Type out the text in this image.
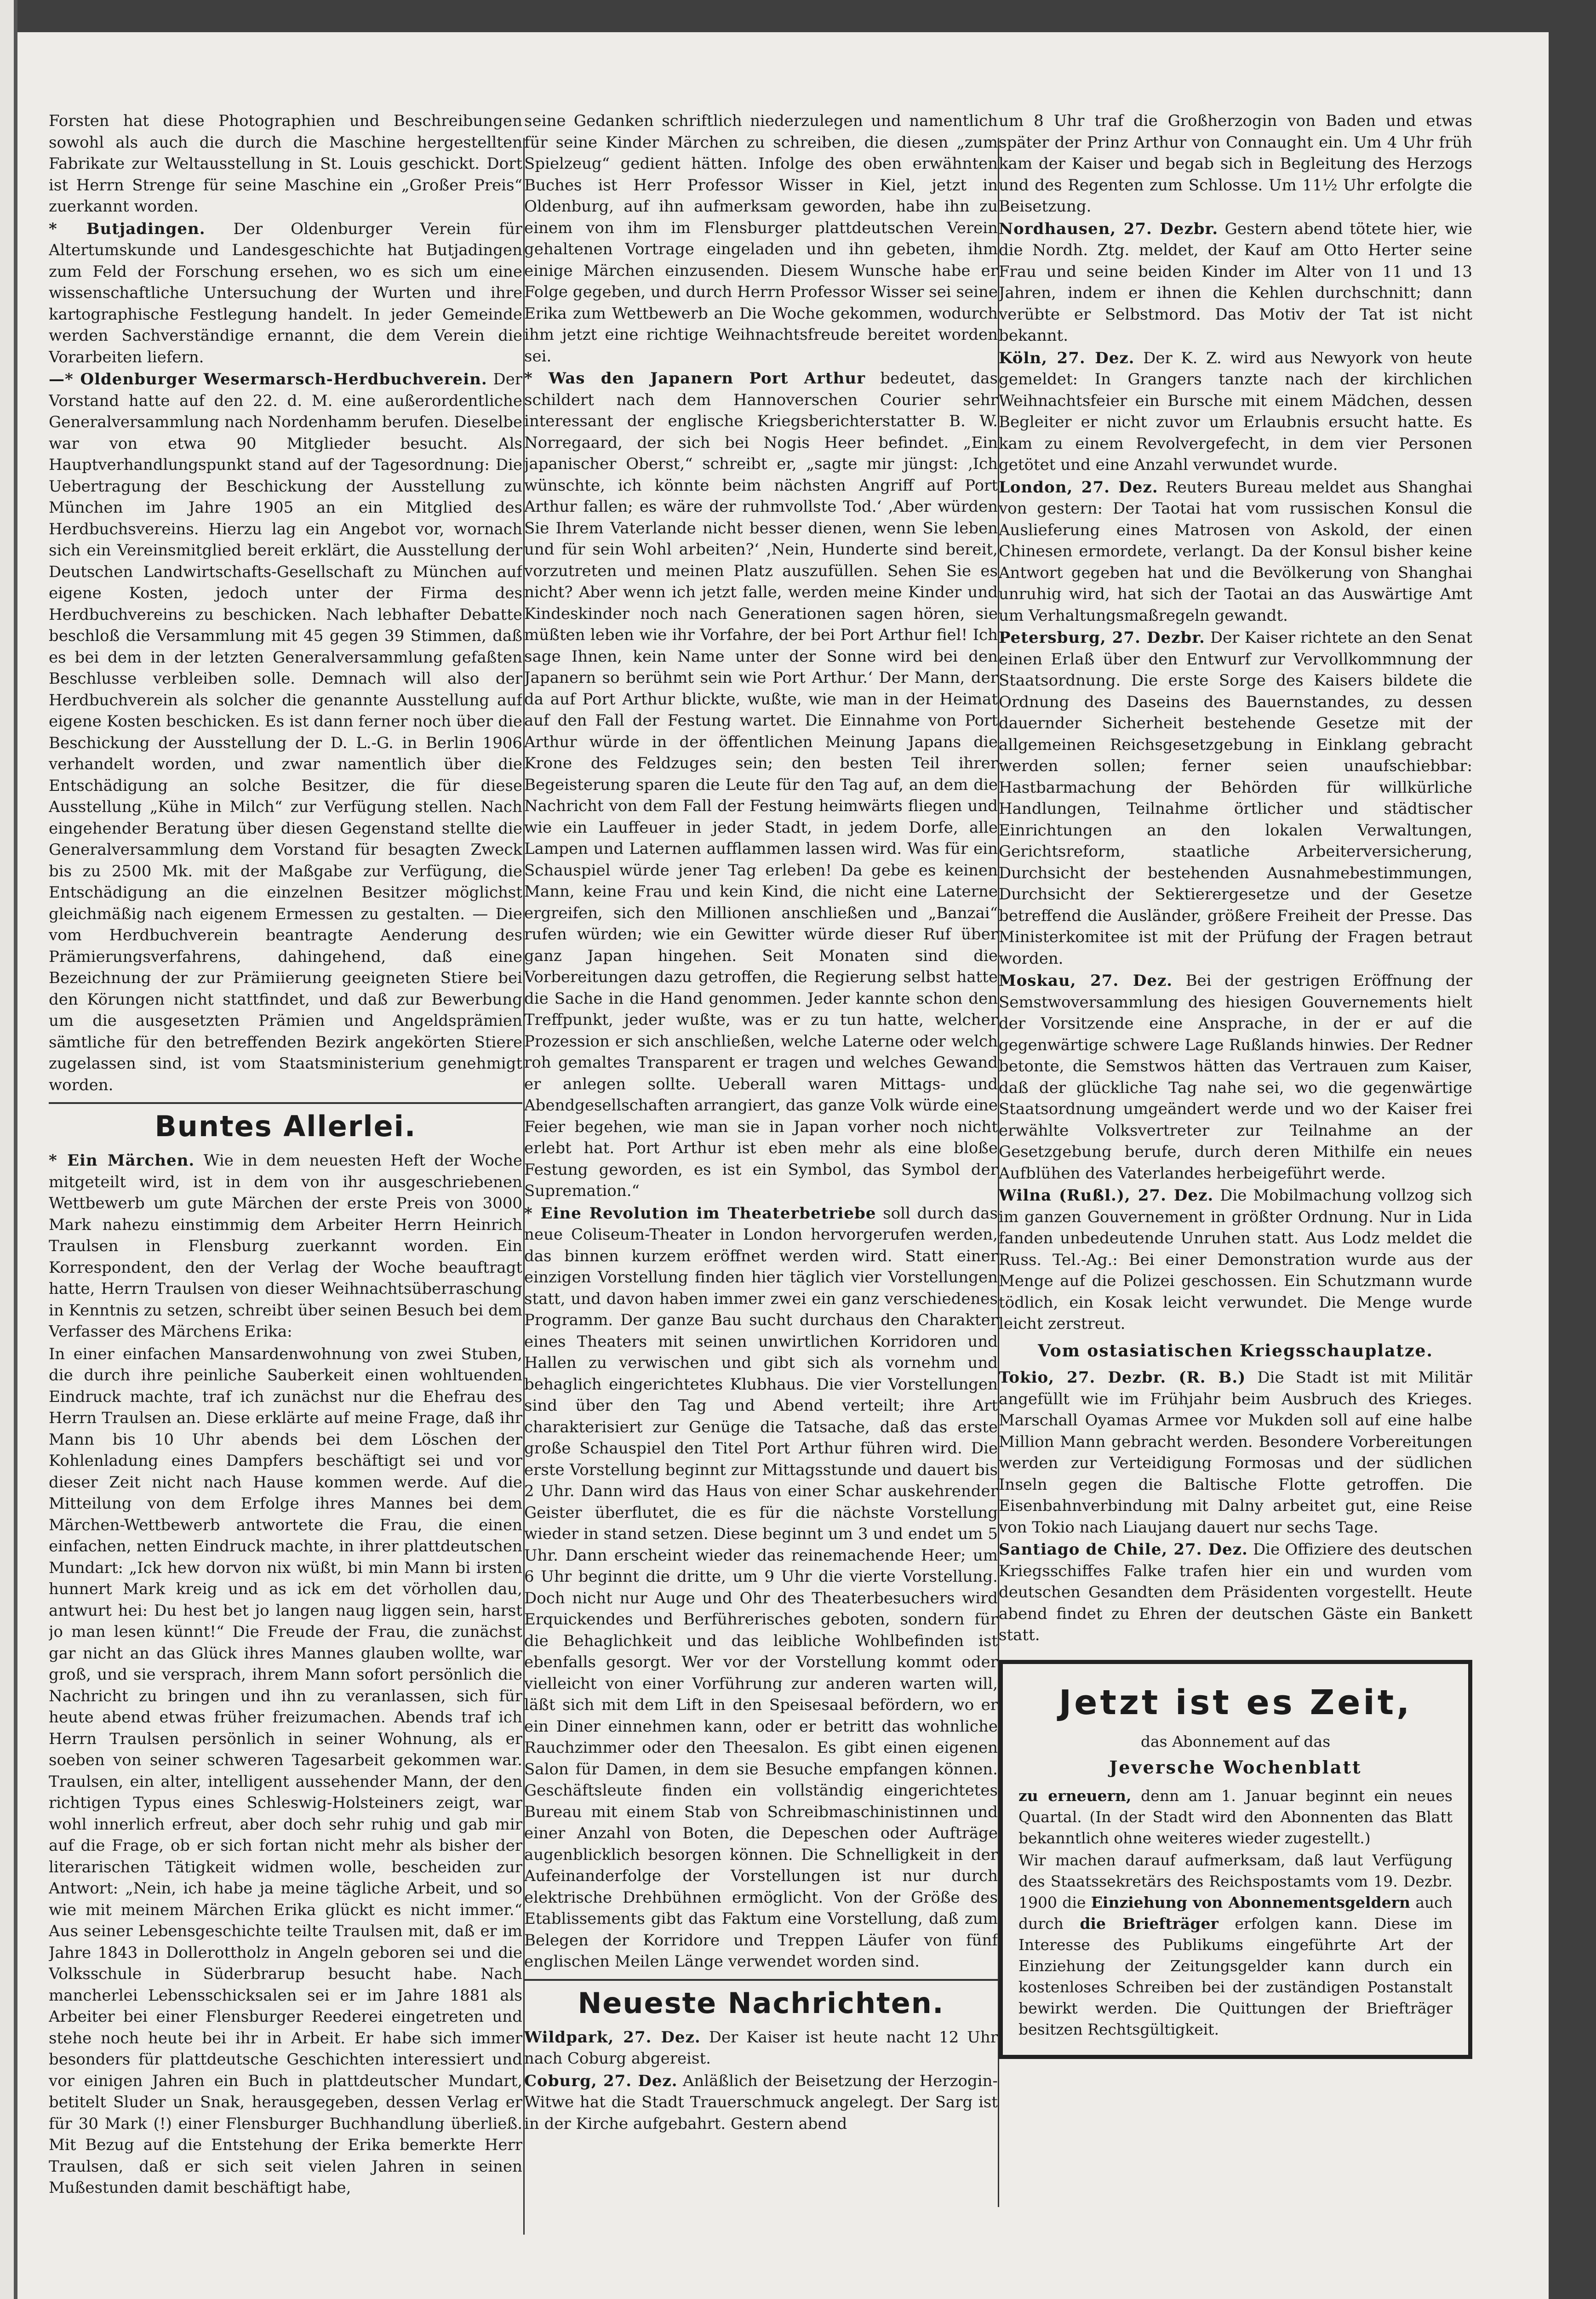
Forsten hat diese Photographien und Beschreibungen sowohl als auch die durch die Maschine hergestellten Fabrikate zur Weltausstellung in St. Louis geschickt. Dort ist Herrn Strenge für seine Maschine ein „Großer Preis“ zuerkannt worden.

* Butjadingen. Der Oldenburger Verein für Altertumskunde und Landesgeschichte hat Butjadingen zum Feld der Forschung ersehen, wo es sich um eine wissenschaftliche Untersuchung der Wurten und ihre kartographische Festlegung handelt. In jeder Gemeinde werden Sachverständige ernannt, die dem Verein die Vorarbeiten liefern.

—* Oldenburger Wesermarsch-Herdbuchverein. Der Vorstand hatte auf den 22. d. M. eine außerordentliche Generalversammlung nach Nordenhamm berufen. Dieselbe war von etwa 90 Mitglieder besucht. Als Hauptverhandlungspunkt stand auf der Tagesordnung: Die Uebertragung der Beschickung der Ausstellung zu München im Jahre 1905 an ein Mitglied des Herdbuchsvereins. Hierzu lag ein Angebot vor, wornach sich ein Vereinsmitglied bereit erklärt, die Ausstellung der Deutschen Landwirtschafts-Gesellschaft zu München auf eigene Kosten, jedoch unter der Firma des Herdbuchvereins zu beschicken. Nach lebhafter Debatte beschloß die Versammlung mit 45 gegen 39 Stimmen, daß es bei dem in der letzten Generalversammlung gefaßten Beschlusse verbleiben solle. Demnach will also der Herdbuchverein als solcher die genannte Ausstellung auf eigene Kosten beschicken. Es ist dann ferner noch über die Beschickung der Ausstellung der D. L.-G. in Berlin 1906 verhandelt worden, und zwar namentlich über die Entschädigung an solche Besitzer, die für diese Ausstellung „Kühe in Milch“ zur Verfügung stellen. Nach eingehender Beratung über diesen Gegenstand stellte die Generalversammlung dem Vorstand für besagten Zweck bis zu 2500 Mk. mit der Maßgabe zur Verfügung, die Entschädigung an die einzelnen Besitzer möglichst gleichmäßig nach eigenem Ermessen zu gestalten. — Die vom Herdbuchverein beantragte Aenderung des Prämierungsverfahrens, dahingehend, daß eine Bezeichnung der zur Prämiierung geeigneten Stiere bei den Körungen nicht stattfindet, und daß zur Bewerbung um die ausgesetzten Prämien und Angeldsprämien sämtliche für den betreffenden Bezirk angekörten Stiere zugelassen sind, ist vom Staatsministerium genehmigt worden.

Buntes Allerlei.

* Ein Märchen. Wie in dem neuesten Heft der Woche mitgeteilt wird, ist in dem von ihr ausgeschriebenen Wettbewerb um gute Märchen der erste Preis von 3000 Mark nahezu einstimmig dem Arbeiter Herrn Heinrich Traulsen in Flensburg zuerkannt worden. Ein Korrespondent, den der Verlag der Woche beauftragt hatte, Herrn Traulsen von dieser Weihnachtsüberraschung in Kenntnis zu setzen, schreibt über seinen Besuch bei dem Verfasser des Märchens Erika:

In einer einfachen Mansardenwohnung von zwei Stuben, die durch ihre peinliche Sauberkeit einen wohltuenden Eindruck machte, traf ich zunächst nur die Ehefrau des Herrn Traulsen an. Diese erklärte auf meine Frage, daß ihr Mann bis 10 Uhr abends bei dem Löschen der Kohlenladung eines Dampfers beschäftigt sei und vor dieser Zeit nicht nach Hause kommen werde. Auf die Mitteilung von dem Erfolge ihres Mannes bei dem Märchen-Wettbewerb antwortete die Frau, die einen einfachen, netten Eindruck machte, in ihrer plattdeutschen Mundart: „Ick hew dorvon nix wüßt, bi min Mann bi irsten hunnert Mark kreig und as ick em det vörhollen dau, antwurt hei: Du hest bet jo langen naug liggen sein, harst jo man lesen künnt!“ Die Freude der Frau, die zunächst gar nicht an das Glück ihres Mannes glauben wollte, war groß, und sie versprach, ihrem Mann sofort persönlich die Nachricht zu bringen und ihn zu veranlassen, sich für heute abend etwas früher freizumachen. Abends traf ich Herrn Traulsen persönlich in seiner Wohnung, als er soeben von seiner schweren Tagesarbeit gekommen war. Traulsen, ein alter, intelligent aussehender Mann, der den richtigen Typus eines Schleswig-Holsteiners zeigt, war wohl innerlich erfreut, aber doch sehr ruhig und gab mir auf die Frage, ob er sich fortan nicht mehr als bisher der literarischen Tätigkeit widmen wolle, bescheiden zur Antwort: „Nein, ich habe ja meine tägliche Arbeit, und so wie mit meinem Märchen Erika glückt es nicht immer.“ Aus seiner Lebensgeschichte teilte Traulsen mit, daß er im Jahre 1843 in Dollerottholz in Angeln geboren sei und die Volksschule in Süderbrarup besucht habe. Nach mancherlei Lebensschicksalen sei er im Jahre 1881 als Arbeiter bei einer Flensburger Reederei eingetreten und stehe noch heute bei ihr in Arbeit. Er habe sich immer besonders für plattdeutsche Geschichten interessiert und vor einigen Jahren ein Buch in plattdeutscher Mundart, betitelt Sluder un Snak, herausgegeben, dessen Verlag er für 30 Mark (!) einer Flensburger Buchhandlung überließ. Mit Bezug auf die Entstehung der Erika bemerkte Herr Traulsen, daß er sich seit vielen Jahren in seinen Mußestunden damit beschäftigt habe,

seine Gedanken schriftlich niederzulegen und namentlich für seine Kinder Märchen zu schreiben, die diesen „zum Spielzeug“ gedient hätten. Infolge des oben erwähnten Buches ist Herr Professor Wisser in Kiel, jetzt in Oldenburg, auf ihn aufmerksam geworden, habe ihn zu einem von ihm im Flensburger plattdeutschen Verein gehaltenen Vortrage eingeladen und ihn gebeten, ihm einige Märchen einzusenden. Diesem Wunsche habe er Folge gegeben, und durch Herrn Professor Wisser sei seine Erika zum Wettbewerb an Die Woche gekommen, wodurch ihm jetzt eine richtige Weihnachtsfreude bereitet worden sei.

* Was den Japanern Port Arthur bedeutet, das schildert nach dem Hannoverschen Courier sehr interessant der englische Kriegsberichterstatter B. W. Norregaard, der sich bei Nogis Heer befindet. „Ein japanischer Oberst,“ schreibt er, „sagte mir jüngst: ‚Ich wünschte, ich könnte beim nächsten Angriff auf Port Arthur fallen; es wäre der ruhmvollste Tod.‘ ‚Aber würden Sie Ihrem Vaterlande nicht besser dienen, wenn Sie leben und für sein Wohl arbeiten?‘ ‚Nein, Hunderte sind bereit, vorzutreten und meinen Platz auszufüllen. Sehen Sie es nicht? Aber wenn ich jetzt falle, werden meine Kinder und Kindeskinder noch nach Generationen sagen hören, sie müßten leben wie ihr Vorfahre, der bei Port Arthur fiel! Ich sage Ihnen, kein Name unter der Sonne wird bei den Japanern so berühmt sein wie Port Arthur.‘ Der Mann, der da auf Port Arthur blickte, wußte, wie man in der Heimat auf den Fall der Festung wartet. Die Einnahme von Port Arthur würde in der öffentlichen Meinung Japans die Krone des Feldzuges sein; den besten Teil ihrer Begeisterung sparen die Leute für den Tag auf, an dem die Nachricht von dem Fall der Festung heimwärts fliegen und wie ein Lauffeuer in jeder Stadt, in jedem Dorfe, alle Lampen und Laternen aufflammen lassen wird. Was für ein Schauspiel würde jener Tag erleben! Da gebe es keinen Mann, keine Frau und kein Kind, die nicht eine Laterne ergreifen, sich den Millionen anschließen und „Banzai“ rufen würden; wie ein Gewitter würde dieser Ruf über ganz Japan hingehen. Seit Monaten sind die Vorbereitungen dazu getroffen, die Regierung selbst hatte die Sache in die Hand genommen. Jeder kannte schon den Treffpunkt, jeder wußte, was er zu tun hatte, welcher Prozession er sich anschließen, welche Laterne oder welch roh gemaltes Transparent er tragen und welches Gewand er anlegen sollte. Ueberall waren Mittags- und Abendgesellschaften arrangiert, das ganze Volk würde eine Feier begehen, wie man sie in Japan vorher noch nicht erlebt hat. Port Arthur ist eben mehr als eine bloße Festung geworden, es ist ein Symbol, das Symbol der Supremation.“

* Eine Revolution im Theaterbetriebe soll durch das neue Coliseum-Theater in London hervorgerufen werden, das binnen kurzem eröffnet werden wird. Statt einer einzigen Vorstellung finden hier täglich vier Vorstellungen statt, und davon haben immer zwei ein ganz verschiedenes Programm. Der ganze Bau sucht durchaus den Charakter eines Theaters mit seinen unwirtlichen Korridoren und Hallen zu verwischen und gibt sich als vornehm und behaglich eingerichtetes Klubhaus. Die vier Vorstellungen sind über den Tag und Abend verteilt; ihre Art charakterisiert zur Genüge die Tatsache, daß das erste große Schauspiel den Titel Port Arthur führen wird. Die erste Vorstellung beginnt zur Mittagsstunde und dauert bis 2 Uhr. Dann wird das Haus von einer Schar auskehrender Geister überflutet, die es für die nächste Vorstellung wieder in stand setzen. Diese beginnt um 3 und endet um 5 Uhr. Dann erscheint wieder das reinemachende Heer; um 6 Uhr beginnt die dritte, um 9 Uhr die vierte Vorstellung. Doch nicht nur Auge und Ohr des Theaterbesuchers wird Erquickendes und Berführerisches geboten, sondern für die Behaglichkeit und das leibliche Wohlbefinden ist ebenfalls gesorgt. Wer vor der Vorstellung kommt oder vielleicht von einer Vorführung zur anderen warten will, läßt sich mit dem Lift in den Speisesaal befördern, wo er ein Diner einnehmen kann, oder er betritt das wohnliche Rauchzimmer oder den Theesalon. Es gibt einen eigenen Salon für Damen, in dem sie Besuche empfangen können. Geschäftsleute finden ein vollständig eingerichtetes Bureau mit einem Stab von Schreibmaschinistinnen und einer Anzahl von Boten, die Depeschen oder Aufträge augenblicklich besorgen können. Die Schnelligkeit in der Aufeinanderfolge der Vorstellungen ist nur durch elektrische Drehbühnen ermöglicht. Von der Größe des Etablissements gibt das Faktum eine Vorstellung, daß zum Belegen der Korridore und Treppen Läufer von fünf englischen Meilen Länge verwendet worden sind.

Neueste Nachrichten.

Wildpark, 27. Dez. Der Kaiser ist heute nacht 12 Uhr nach Coburg abgereist.

Coburg, 27. Dez. Anläßlich der Beisetzung der Herzogin-Witwe hat die Stadt Trauerschmuck angelegt. Der Sarg ist in der Kirche aufgebahrt. Gestern abend

um 8 Uhr traf die Großherzogin von Baden und etwas später der Prinz Arthur von Connaught ein. Um 4 Uhr früh kam der Kaiser und begab sich in Begleitung des Herzogs und des Regenten zum Schlosse. Um 11½ Uhr erfolgte die Beisetzung.

Nordhausen, 27. Dezbr. Gestern abend tötete hier, wie die Nordh. Ztg. meldet, der Kauf am Otto Herter seine Frau und seine beiden Kinder im Alter von 11 und 13 Jahren, indem er ihnen die Kehlen durchschnitt; dann verübte er Selbstmord. Das Motiv der Tat ist nicht bekannt.

Köln, 27. Dez. Der K. Z. wird aus Newyork von heute gemeldet: In Grangers tanzte nach der kirchlichen Weihnachtsfeier ein Bursche mit einem Mädchen, dessen Begleiter er nicht zuvor um Erlaubnis ersucht hatte. Es kam zu einem Revolvergefecht, in dem vier Personen getötet und eine Anzahl verwundet wurde.

London, 27. Dez. Reuters Bureau meldet aus Shanghai von gestern: Der Taotai hat vom russischen Konsul die Auslieferung eines Matrosen von Askold, der einen Chinesen ermordete, verlangt. Da der Konsul bisher keine Antwort gegeben hat und die Bevölkerung von Shanghai unruhig wird, hat sich der Taotai an das Auswärtige Amt um Verhaltungsmaßregeln gewandt.

Petersburg, 27. Dezbr. Der Kaiser richtete an den Senat einen Erlaß über den Entwurf zur Vervollkommnung der Staatsordnung. Die erste Sorge des Kaisers bildete die Ordnung des Daseins des Bauernstandes, zu dessen dauernder Sicherheit bestehende Gesetze mit der allgemeinen Reichsgesetzgebung in Einklang gebracht werden sollen; ferner seien unaufschiebbar: Hastbarmachung der Behörden für willkürliche Handlungen, Teilnahme örtlicher und städtischer Einrichtungen an den lokalen Verwaltungen, Gerichtsreform, staatliche Arbeiterversicherung, Durchsicht der bestehenden Ausnahmebestimmungen, Durchsicht der Sektierergesetze und der Gesetze betreffend die Ausländer, größere Freiheit der Presse. Das Ministerkomitee ist mit der Prüfung der Fragen betraut worden.

Moskau, 27. Dez. Bei der gestrigen Eröffnung der Semstwoversammlung des hiesigen Gouvernements hielt der Vorsitzende eine Ansprache, in der er auf die gegenwärtige schwere Lage Rußlands hinwies. Der Redner betonte, die Semstwos hätten das Vertrauen zum Kaiser, daß der glückliche Tag nahe sei, wo die gegenwärtige Staatsordnung umgeändert werde und wo der Kaiser frei erwählte Volksvertreter zur Teilnahme an der Gesetzgebung berufe, durch deren Mithilfe ein neues Aufblühen des Vaterlandes herbeigeführt werde.

Wilna (Rußl.), 27. Dez. Die Mobilmachung vollzog sich im ganzen Gouvernement in größter Ordnung. Nur in Lida fanden unbedeutende Unruhen statt. Aus Lodz meldet die Russ. Tel.-Ag.: Bei einer Demonstration wurde aus der Menge auf die Polizei geschossen. Ein Schutzmann wurde tödlich, ein Kosak leicht verwundet. Die Menge wurde leicht zerstreut.

Vom ostasiatischen Kriegsschauplatze.

Tokio, 27. Dezbr. (R. B.) Die Stadt ist mit Militär angefüllt wie im Frühjahr beim Ausbruch des Krieges. Marschall Oyamas Armee vor Mukden soll auf eine halbe Million Mann gebracht werden. Besondere Vorbereitungen werden zur Verteidigung Formosas und der südlichen Inseln gegen die Baltische Flotte getroffen. Die Eisenbahnverbindung mit Dalny arbeitet gut, eine Reise von Tokio nach Liaujang dauert nur sechs Tage.

Santiago de Chile, 27. Dez. Die Offiziere des deutschen Kriegsschiffes Falke trafen hier ein und wurden vom deutschen Gesandten dem Präsidenten vorgestellt. Heute abend findet zu Ehren der deutschen Gäste ein Bankett statt.

Jetzt ist es Zeit,
das Abonnement auf das
Jeversche Wochenblatt

zu erneuern, denn am 1. Januar beginnt ein neues Quartal. (In der Stadt wird den Abonnenten das Blatt bekanntlich ohne weiteres wieder zugestellt.)

Wir machen darauf aufmerksam, daß laut Verfügung des Staatssekretärs des Reichspostamts vom 19. Dezbr. 1900 die Einziehung von Abonnementsgeldern auch durch die Briefträger erfolgen kann. Diese im Interesse des Publikums eingeführte Art der Einziehung der Zeitungsgelder kann durch ein kostenloses Schreiben bei der zuständigen Postanstalt bewirkt werden. Die Quittungen der Briefträger besitzen Rechtsgültigkeit.
